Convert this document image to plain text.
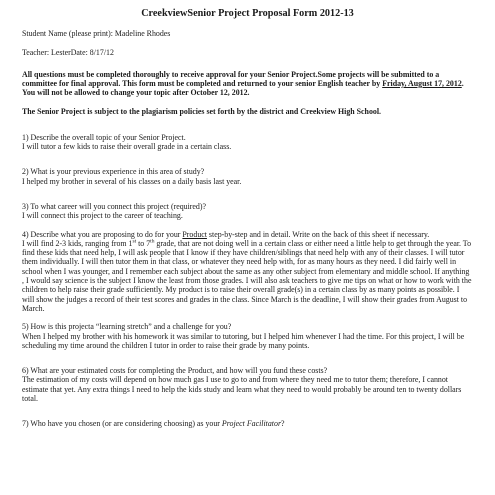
CreekviewSenior Project Proposal Form 2012-13

Student Name (please print): Madeline Rhodes

Teacher: LesterDate: 8/17/12

All questions must be completed thoroughly to receive approval for your Senior Project.Some projects will be submitted to a committee for final approval. This form must be completed and returned to your senior English teacher by Friday, August 17, 2012. You will not be allowed to change your topic after October 12, 2012.

The Senior Project is subject to the plagiarism policies set forth by the district and Creekview High School.

1) Describe the overall topic of your Senior Project.

I will tutor a few kids to raise their overall grade in a certain class.

2) What is your previous experience in this area of study?

I helped my brother in several of his classes on a daily basis last year.

3) To what career will you connect this project (required)?

I will connect this project to the career of teaching.

4) Describe what you are proposing to do for your Product step-by-step and in detail. Write on the back of this sheet if necessary.

I will find 2-3 kids, ranging from 1st to 7th grade, that are not doing well in a certain class or either need a little help to get through the year. To find these kids that need help, I will ask people that I know if they have children/siblings that need help with any of their classes. I will tutor them individually. I will then tutor them in that class, or whatever they need help with, for as many hours as they need. I did fairly well in school when I was younger, and I remember each subject about the same as any other subject from elementary and middle school. If anything , I would say science is the subject I know the least from those grades. I will also ask teachers to give me tips on what or how to work with the children to help raise their grade sufficiently. My product is to raise their overall grade(s) in a certain class by as many points as possible. I will show the judges a record of their test scores and grades in the class. Since March is the deadline, I will show their grades from August to March.

5) How is this projecta “learning stretch” and a challenge for you?

When I helped my brother with his homework it was similar to tutoring, but I helped him whenever I had the time. For this project, I will be scheduling my time around the children I tutor in order to raise their grade by many points.

6) What are your estimated costs for completing the Product, and how will you fund these costs?

The estimation of my costs will depend on how much gas I use to go to and from where they need me to tutor them; therefore, I cannot estimate that yet. Any extra things I need to help the kids study and learn what they need to would probably be around ten to twenty dollars total.

7) Who have you chosen (or are considering choosing) as your Project Facilitator?
